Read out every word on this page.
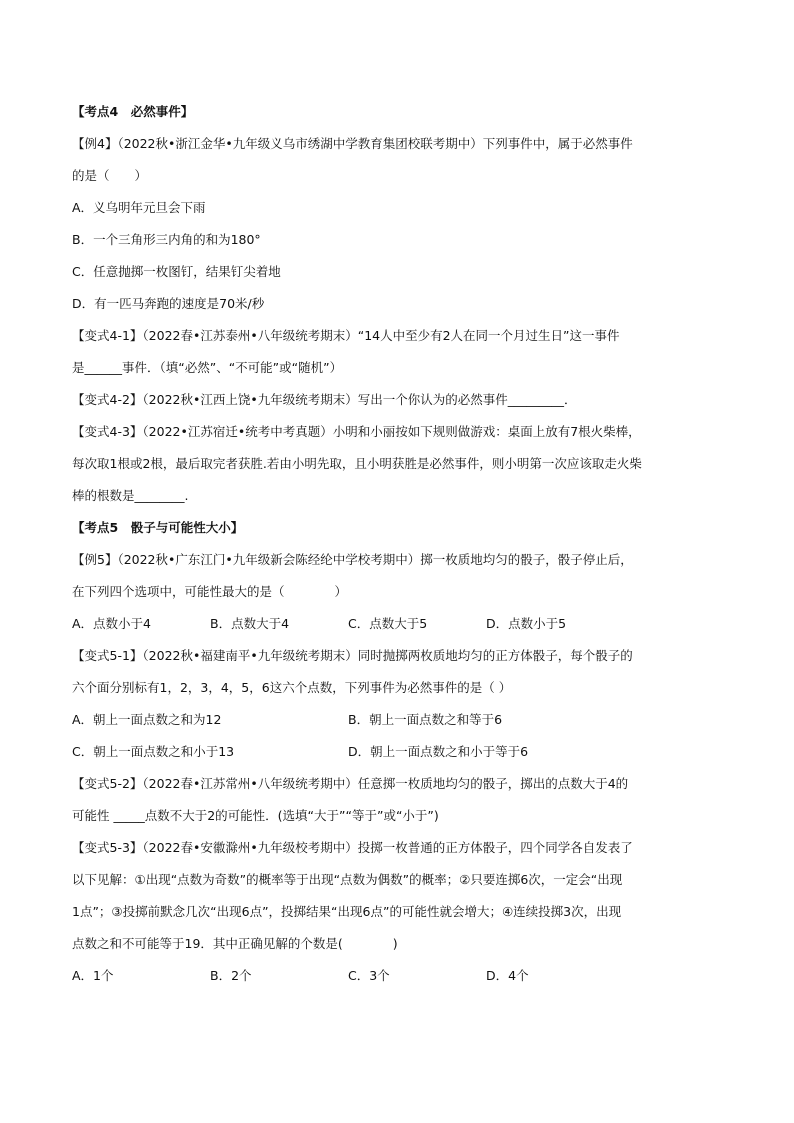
【考点4　必然事件】
【例4】（2022秋•浙江金华•九年级义乌市绣湖中学教育集团校联考期中）下列事件中，属于必然事件
的是（　　）
A．义乌明年元旦会下雨
B．一个三角形三内角的和为180°
C．任意抛掷一枚图钉，结果钉尖着地
D．有一匹马奔跑的速度是70米/秒
【变式4-1】（2022春•江苏泰州•八年级统考期末）“14人中至少有2人在同一个月过生日”这一事件
是______事件．（填“必然”、“不可能”或“随机”）
【变式4-2】（2022秋•江西上饶•九年级统考期末）写出一个你认为的必然事件_________．
【变式4-3】（2022•江苏宿迁•统考中考真题）小明和小丽按如下规则做游戏：桌面上放有7根火柴棒，
每次取1根或2根，最后取完者获胜.若由小明先取，且小明获胜是必然事件，则小明第一次应该取走火柴
棒的根数是________.
【考点5　骰子与可能性大小】
【例5】（2022秋•广东江门•九年级新会陈经纶中学校考期中）掷一枚质地均匀的骰子，骰子停止后，
在下列四个选项中，可能性最大的是（　　　　）
A．点数小于4	B．点数大于4	C．点数大于5	D．点数小于5
【变式5-1】（2022秋•福建南平•九年级统考期末）同时抛掷两枚质地均匀的正方体骰子，每个骰子的
六个面分别标有1，2，3，4，5，6这六个点数，下列事件为必然事件的是（ ）
A．朝上一面点数之和为12	B．朝上一面点数之和等于6
C．朝上一面点数之和小于13	D．朝上一面点数之和小于等于6
【变式5-2】（2022春•江苏常州•八年级统考期中）任意掷一枚质地均匀的骰子，掷出的点数大于4的
可能性 _____点数不大于2的可能性．(选填“大于”“等于”或“小于”)
【变式5-3】（2022春•安徽滁州•九年级校考期中）投掷一枚普通的正方体骰子，四个同学各自发表了
以下见解：①出现“点数为奇数”的概率等于出现“点数为偶数”的概率；②只要连掷6次，一定会“出现
1点”；③投掷前默念几次“出现6点”，投掷结果“出现6点”的可能性就会增大；④连续投掷3次，出现
点数之和不可能等于19．其中正确见解的个数是(　　　　)
A．1个	B．2个	C．3个	D．4个
